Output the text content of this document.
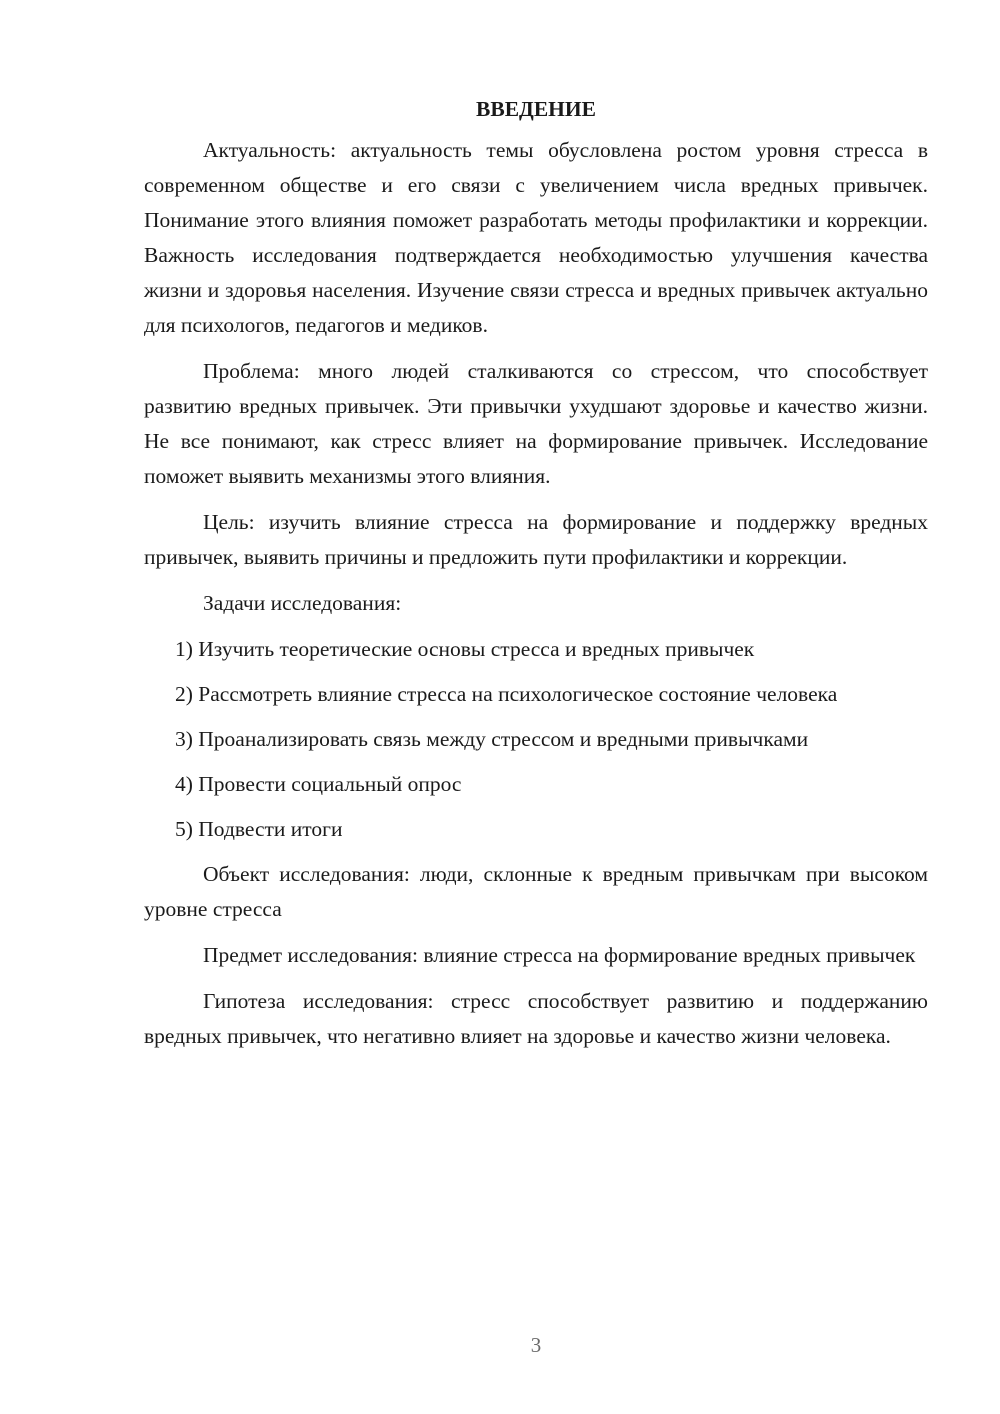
ВВЕДЕНИЕ

Актуальность: актуальность темы обусловлена ростом уровня стресса в современном обществе и его связи с увеличением числа вредных привычек. Понимание этого влияния поможет разработать методы профилактики и коррекции. Важность исследования подтверждается необходимостью улучшения качества жизни и здоровья населения. Изучение связи стресса и вредных привычек актуально для психологов, педагогов и медиков.

Проблема: много людей сталкиваются со стрессом, что способствует развитию вредных привычек. Эти привычки ухудшают здоровье и качество жизни. Не все понимают, как стресс влияет на формирование привычек. Исследование поможет выявить механизмы этого влияния.

Цель: изучить влияние стресса на формирование и поддержку вредных привычек, выявить причины и предложить пути профилактики и коррекции.

Задачи исследования:

1) Изучить теоретические основы стресса и вредных привычек

2) Рассмотреть влияние стресса на психологическое состояние человека

3) Проанализировать связь между стрессом и вредными привычками

4) Провести социальный опрос

5) Подвести итоги

Объект исследования: люди, склонные к вредным привычкам при высоком уровне стресса

Предмет исследования: влияние стресса на формирование вредных привычек

Гипотеза исследования: стресс способствует развитию и поддержанию вредных привычек, что негативно влияет на здоровье и качество жизни человека.

3
